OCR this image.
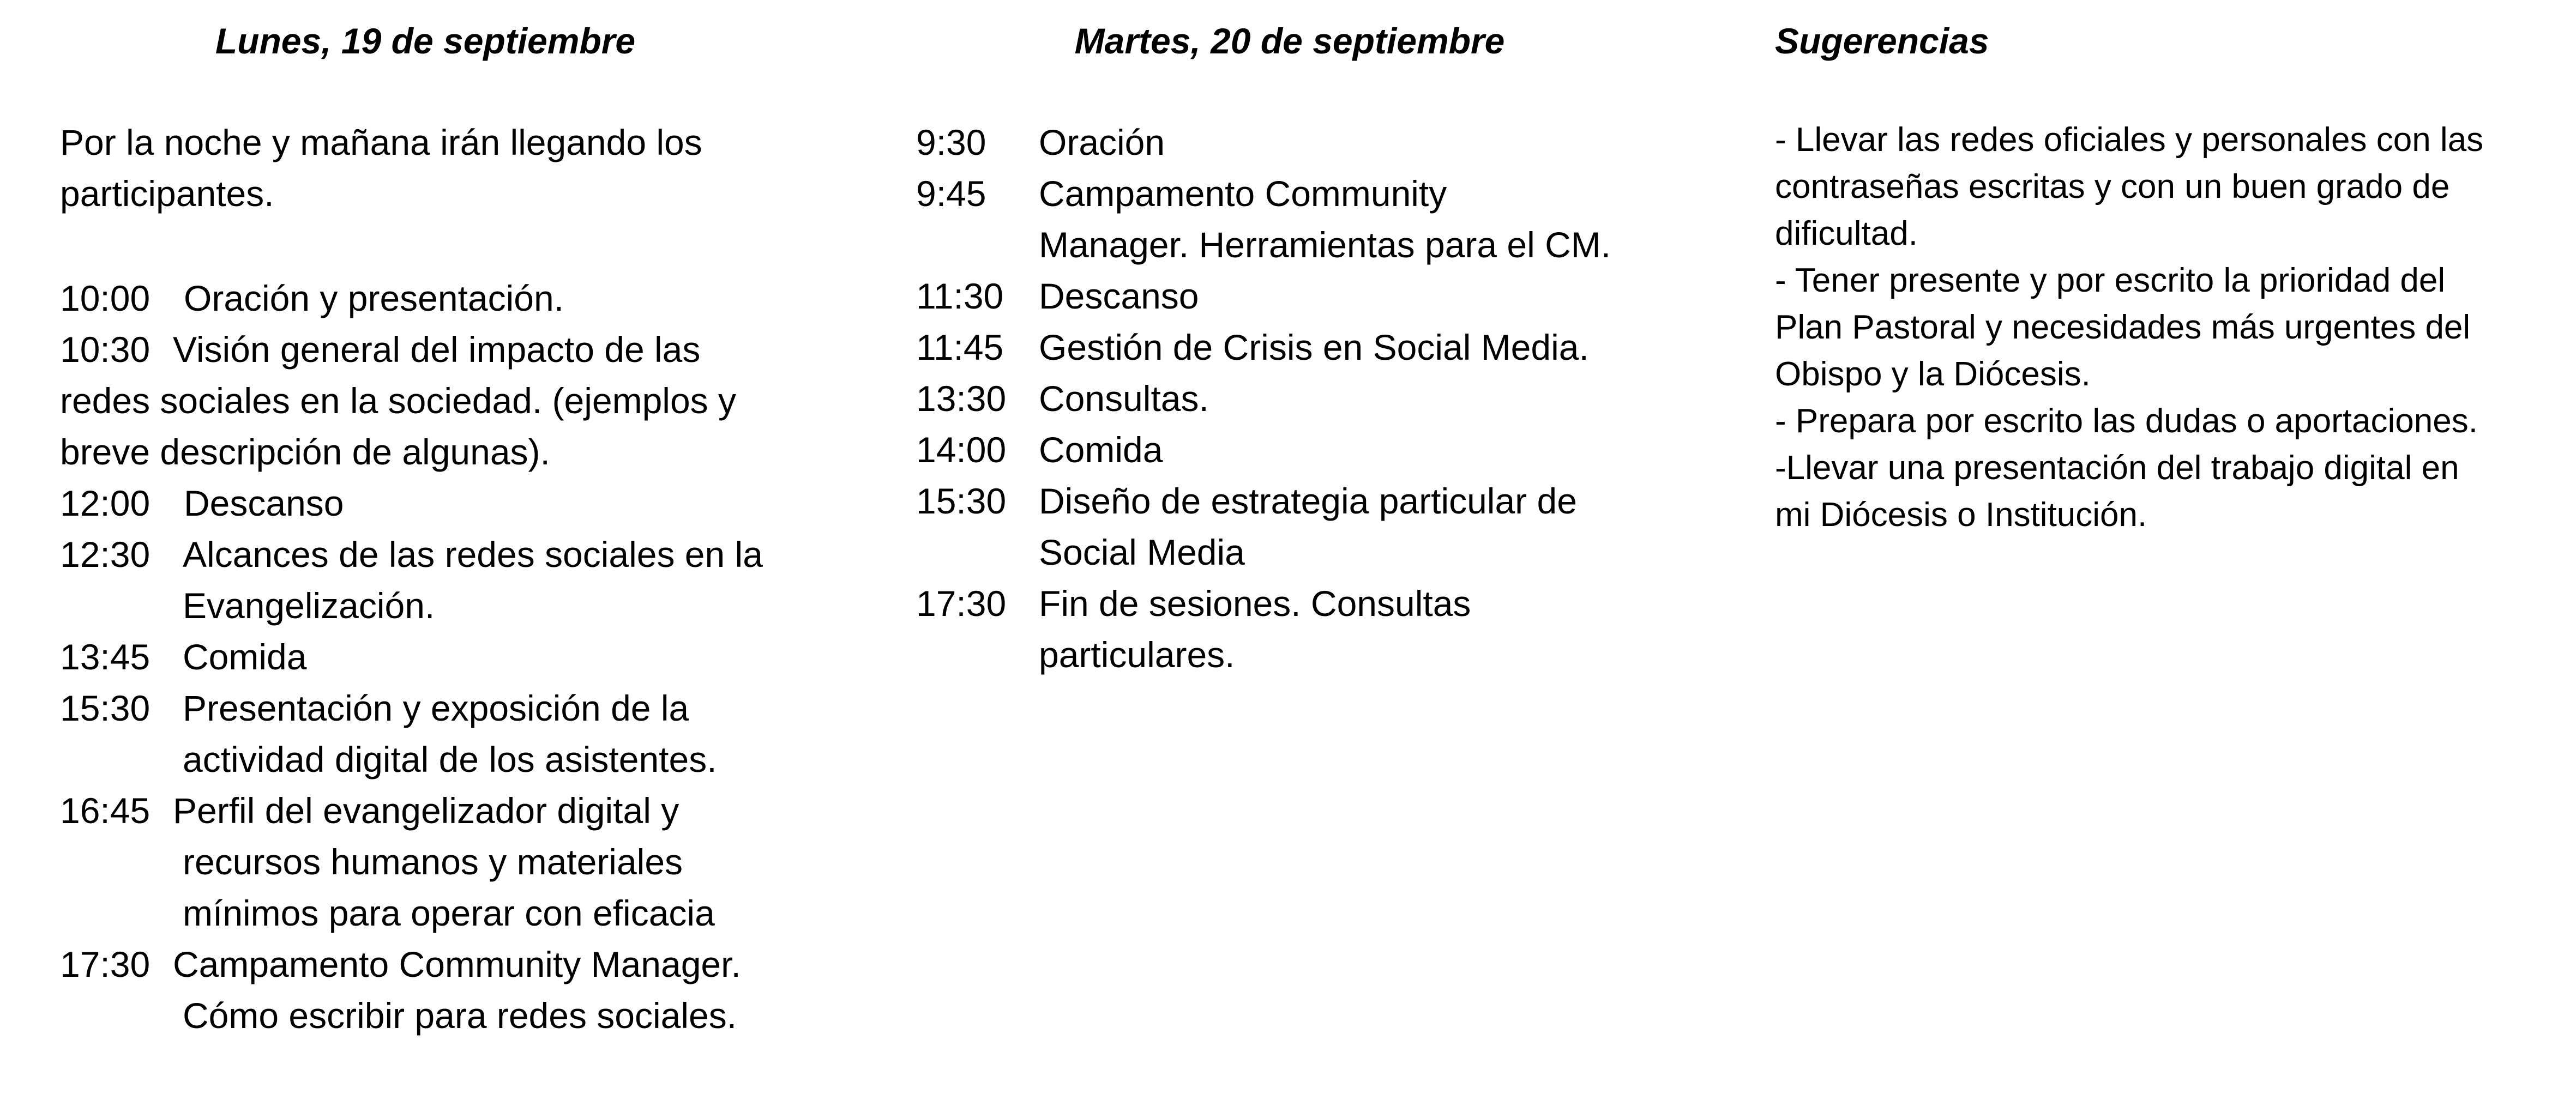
Lunes, 19 de septiembre
Por la noche y mañana irán llegando los
participantes.
10:00 Oración y presentación.
10:30 Visión general del impacto de las
redes sociales en la sociedad. (ejemplos y
breve descripción de algunas).
12:00 Descanso
12:30 Alcances de las redes sociales en la
Evangelización.
13:45 Comida
15:30 Presentación y exposición de la
actividad digital de los asistentes.
16:45 Perfil del evangelizador digital y
recursos humanos y materiales
mínimos para operar con eficacia
17:30 Campamento Community Manager.
Cómo escribir para redes sociales.
Martes, 20 de septiembre
9:30 Oración
9:45 Campamento Community
Manager. Herramientas para el CM.
11:30 Descanso
11:45 Gestión de Crisis en Social Media.
13:30 Consultas.
14:00 Comida
15:30 Diseño de estrategia particular de
Social Media
17:30 Fin de sesiones. Consultas
particulares.
Sugerencias
- Llevar las redes oficiales y personales con las
contraseñas escritas y con un buen grado de
dificultad.
- Tener presente y por escrito la prioridad del
Plan Pastoral y necesidades más urgentes del
Obispo y la Diócesis.
- Prepara por escrito las dudas o aportaciones.
-Llevar una presentación del trabajo digital en
mi Diócesis o Institución.
